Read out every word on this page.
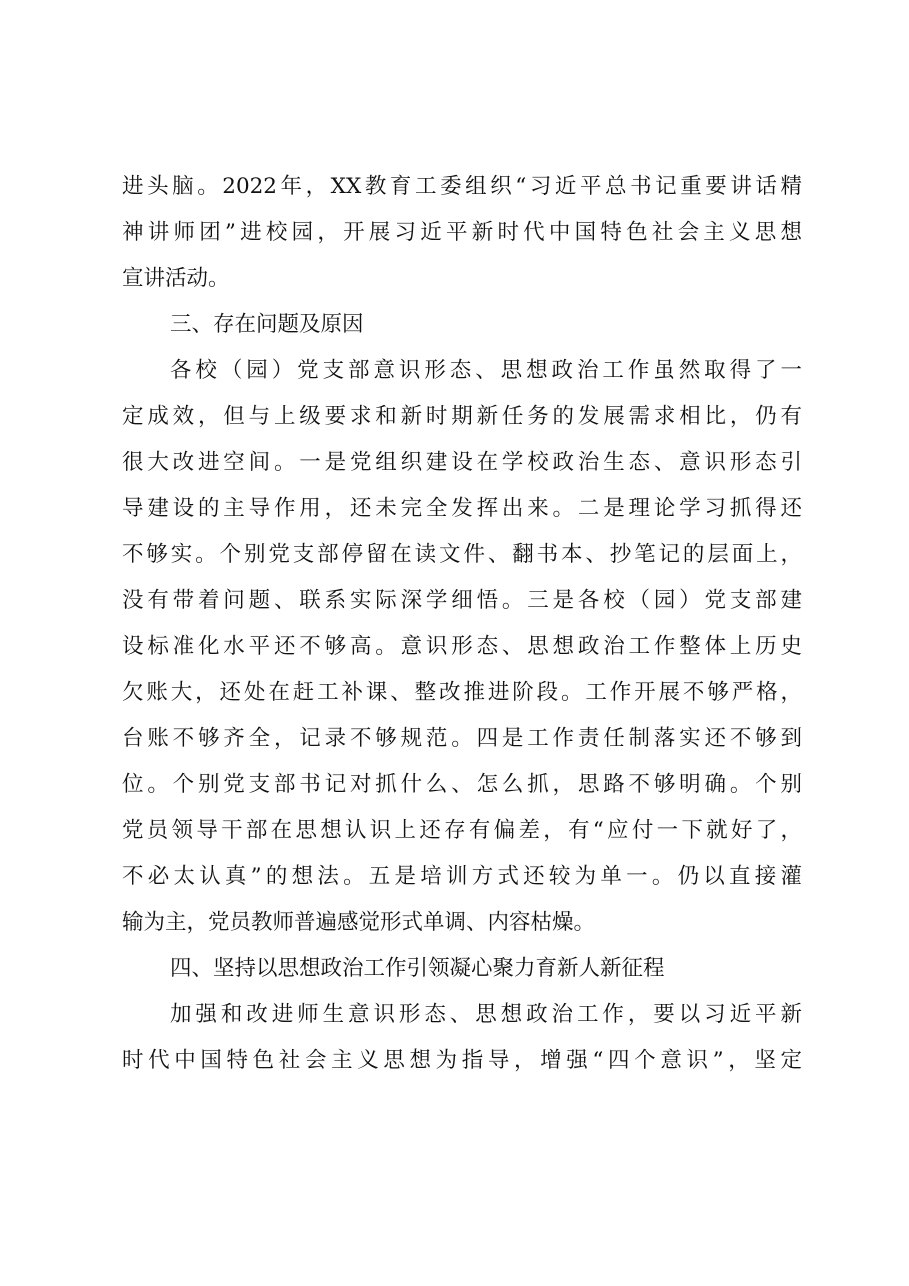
进头脑。2022年，XX教育工委组织“习近平总书记重要讲话精
神讲师团”进校园，开展习近平新时代中国特色社会主义思想
宣讲活动。
三、存在问题及原因
各校（园）党支部意识形态、思想政治工作虽然取得了一
定成效，但与上级要求和新时期新任务的发展需求相比，仍有
很大改进空间。一是党组织建设在学校政治生态、意识形态引
导建设的主导作用，还未完全发挥出来。二是理论学习抓得还
不够实。个别党支部停留在读文件、翻书本、抄笔记的层面上，
没有带着问题、联系实际深学细悟。三是各校（园）党支部建
设标准化水平还不够高。意识形态、思想政治工作整体上历史
欠账大，还处在赶工补课、整改推进阶段。工作开展不够严格，
台账不够齐全，记录不够规范。四是工作责任制落实还不够到
位。个别党支部书记对抓什么、怎么抓，思路不够明确。个别
党员领导干部在思想认识上还存有偏差，有“应付一下就好了，
不必太认真”的想法。五是培训方式还较为单一。仍以直接灌
输为主，党员教师普遍感觉形式单调、内容枯燥。
四、坚持以思想政治工作引领凝心聚力育新人新征程
加强和改进师生意识形态、思想政治工作，要以习近平新
时代中国特色社会主义思想为指导，增强“四个意识”，坚定
